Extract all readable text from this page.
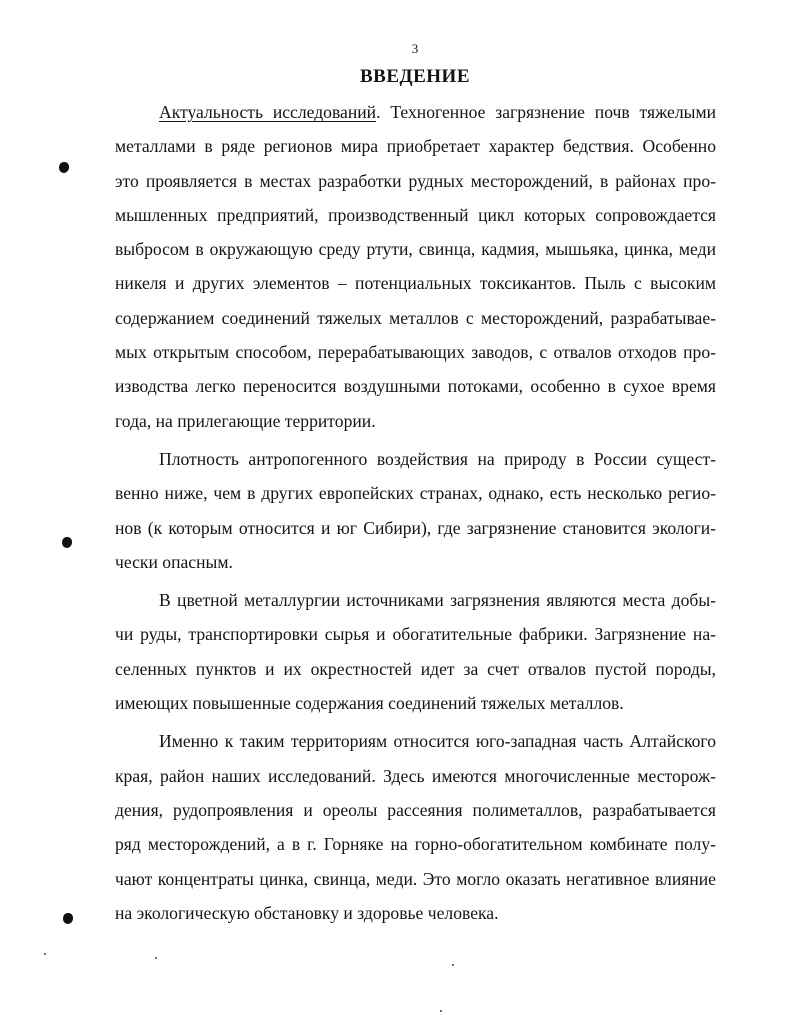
3
ВВЕДЕНИЕ
Актуальность исследований. Техногенное загрязнение почв тяжелыми
металлами в ряде регионов мира приобретает характер бедствия. Особенно
это проявляется в местах разработки рудных месторождений, в районах про-
мышленных предприятий, производственный цикл которых сопровождается
выбросом в окружающую среду ртути, свинца, кадмия, мышьяка, цинка, меди
никеля и других элементов – потенциальных токсикантов. Пыль с высоким
содержанием соединений тяжелых металлов с месторождений, разрабатывае-
мых открытым способом, перерабатывающих заводов, с отвалов отходов про-
изводства легко переносится воздушными потоками, особенно в сухое время
года, на прилегающие территории.
Плотность антропогенного воздействия на природу в России сущест-
венно ниже, чем в других европейских странах, однако, есть несколько регио-
нов (к которым относится и юг Сибири), где загрязнение становится экологи-
чески опасным.
В цветной металлургии источниками загрязнения являются места добы-
чи руды, транспортировки сырья и обогатительные фабрики. Загрязнение на-
селенных пунктов и их окрестностей идет за счет отвалов пустой породы,
имеющих повышенные содержания соединений тяжелых металлов.
Именно к таким территориям относится юго-западная часть Алтайского
края, район наших исследований. Здесь имеются многочисленные месторож-
дения, рудопроявления и ореолы рассеяния полиметаллов, разрабатывается
ряд месторождений, а в г. Горняке на горно-обогатительном комбинате полу-
чают концентраты цинка, свинца, меди. Это могло оказать негативное влияние
на экологическую обстановку и здоровье человека.
